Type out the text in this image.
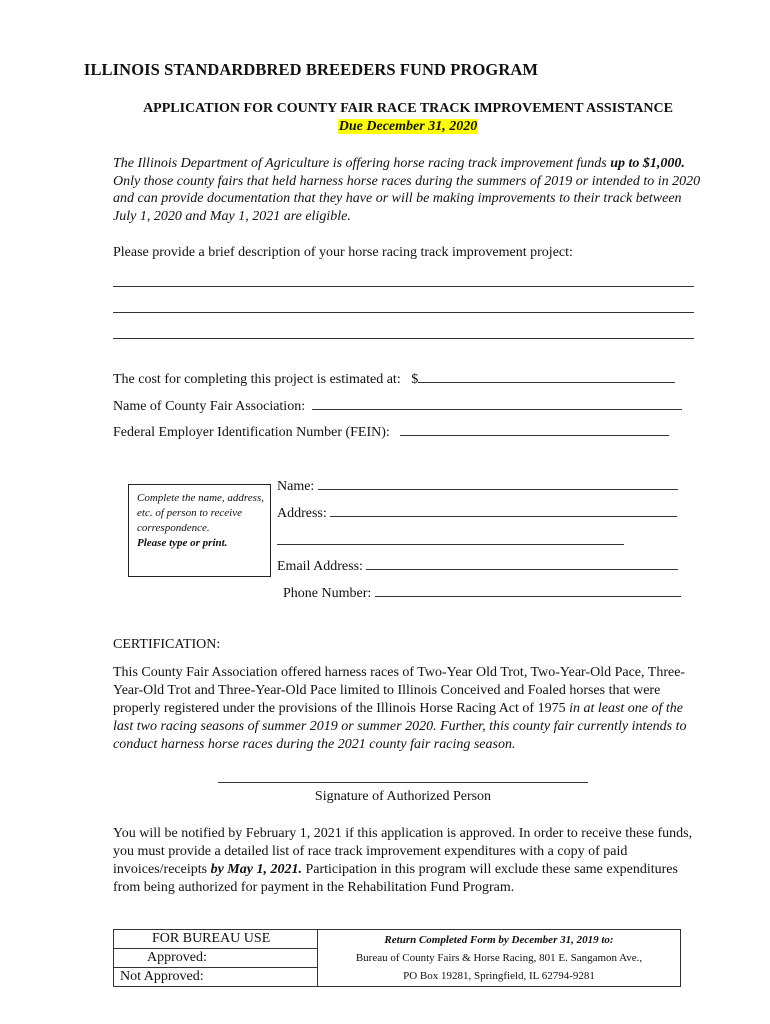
ILLINOIS STANDARDBRED BREEDERS FUND PROGRAM
APPLICATION FOR COUNTY FAIR RACE TRACK IMPROVEMENT ASSISTANCE
Due December 31, 2020
The Illinois Department of Agriculture is offering horse racing track improvement funds up to $1,000. Only those county fairs that held harness horse races during the summers of 2019 or intended to in 2020 and can provide documentation that they have or will be making improvements to their track between July 1, 2020 and May 1, 2021 are eligible.
Please provide a brief description of your horse racing track improvement project:
The cost for completing this project is estimated at: $
Name of County Fair Association:
Federal Employer Identification Number (FEIN):
Complete the name, address, etc. of person to receive correspondence.
Please type or print.
Name:
Address:
Email Address:
Phone Number:
CERTIFICATION:
This County Fair Association offered harness races of Two-Year Old Trot, Two-Year-Old Pace, Three-Year-Old Trot and Three-Year-Old Pace limited to Illinois Conceived and Foaled horses that were properly registered under the provisions of the Illinois Horse Racing Act of 1975 in at least one of the last two racing seasons of summer 2019 or summer 2020. Further, this county fair currently intends to conduct harness horse races during the 2021 county fair racing season.
Signature of Authorized Person
You will be notified by February 1, 2021 if this application is approved. In order to receive these funds, you must provide a detailed list of race track improvement expenditures with a copy of paid invoices/receipts by May 1, 2021. Participation in this program will exclude these same expenditures from being authorized for payment in the Rehabilitation Fund Program.
FOR BUREAU USE
Approved:
Not Approved:

Return Completed Form by December 31, 2019 to:
Bureau of County Fairs & Horse Racing, 801 E. Sangamon Ave.,
PO Box 19281, Springfield, IL 62794-9281
